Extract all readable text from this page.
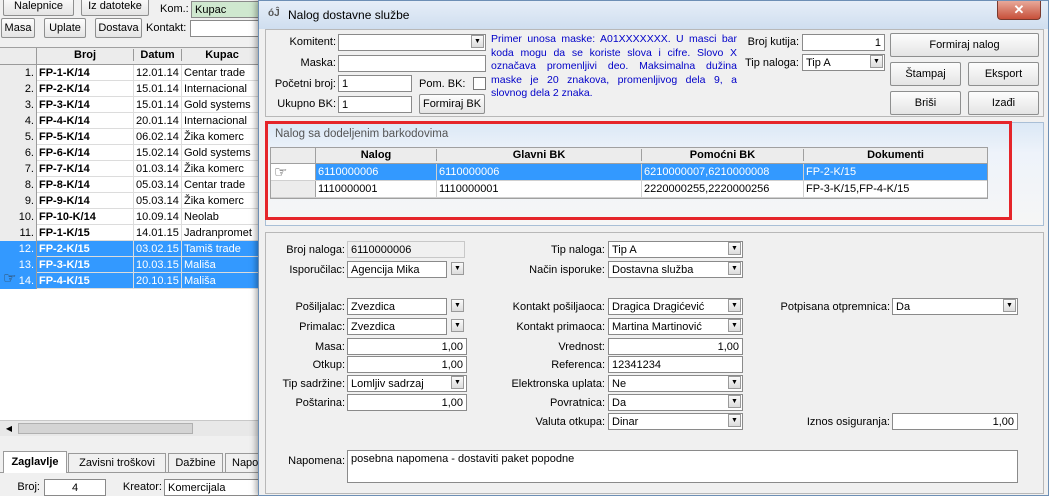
Nalepnice	Iz datoteke	Kom.: Kupac
Masa	Uplate	Dostava Kontakt:
Broj	Datum	Kupac
1. FP-1-K/14	12.01.14 Centar trade
2. FP-2-K/14	15.01.14 Internacional
3. FP-3-K/14	15.01.14 Gold systems
4. FP-4-K/14	20.01.14 Internacional
5. FP-5-K/14	06.02.14 Žika komerc
6. FP-6-K/14	15.02.14 Gold systems
7. FP-7-K/14	01.03.14 Žika komerc
8. FP-8-K/14	05.03.14 Centar trade
9. FP-9-K/14	05.03.14 Žika komerc
10. FP-10-K/14	10.09.14 Neolab
11. FP-1-K/15	14.01.15 Jadranpromet
12. FP-2-K/15	03.02.15 Tamiš trade
13. FP-3-K/15	10.03.15 Mališa
14. FP-4-K/15	20.10.15 Mališa
☞
◀
Zaglavlje	Zavisni troškovi	Dažbine	Napo
Broj:	4	Kreator: Komercijala
óĴ Nalog dostavne službe	✕
Komitent:	▼
Maska:
Početni broj: 1	Pom. BK:
Ukupno BK: 1	Formiraj BK
Primer unosa maske: A01XXXXXXX. U masci bar koda mogu da se koriste slova i cifre. Slovo X označava promenljivi deo. Maksimalna dužina maske je 20 znakova, promenljivog dela 9, a slovnog dela 2 znaka.
Broj kutija:	1
Tip naloga: Tip A	▼
Formiraj nalog
Štampaj	Eksport
Briši	Izađi
Nalog sa dodeljenim barkodovima
Nalog	Glavni BK	Pomoćni BK	Dokumenti
6110000006	6110000006	6210000007,6210000008	FP-2-K/15
1110000001	1110000001	2220000255,2220000256	FP-3-K/15,FP-4-K/15
☞
Broj naloga: 6110000006
Isporučilac: Agencija Mika	▼
Pošiljalac: Zvezdica	▼
Primalac: Zvezdica	▼
Masa:	1,00
Otkup:	1,00
Tip sadržine: Lomljiv sadrzaj	▼
Poštarina:	1,00
Tip naloga: Tip A	▼
Način isporuke: Dostavna služba	▼
Kontakt pošiljaoca: Dragica Dragićević	▼
Kontakt primaoca: Martina Martinović	▼
Vrednost:	1,00
Referenca: 12341234
Elektronska uplata: Ne	▼
Povratnica: Da	▼
Valuta otkupa: Dinar	▼
Potpisana otpremnica: Da	▼
Iznos osiguranja:	1,00
Napomena: posebna napomena - dostaviti paket popodne
